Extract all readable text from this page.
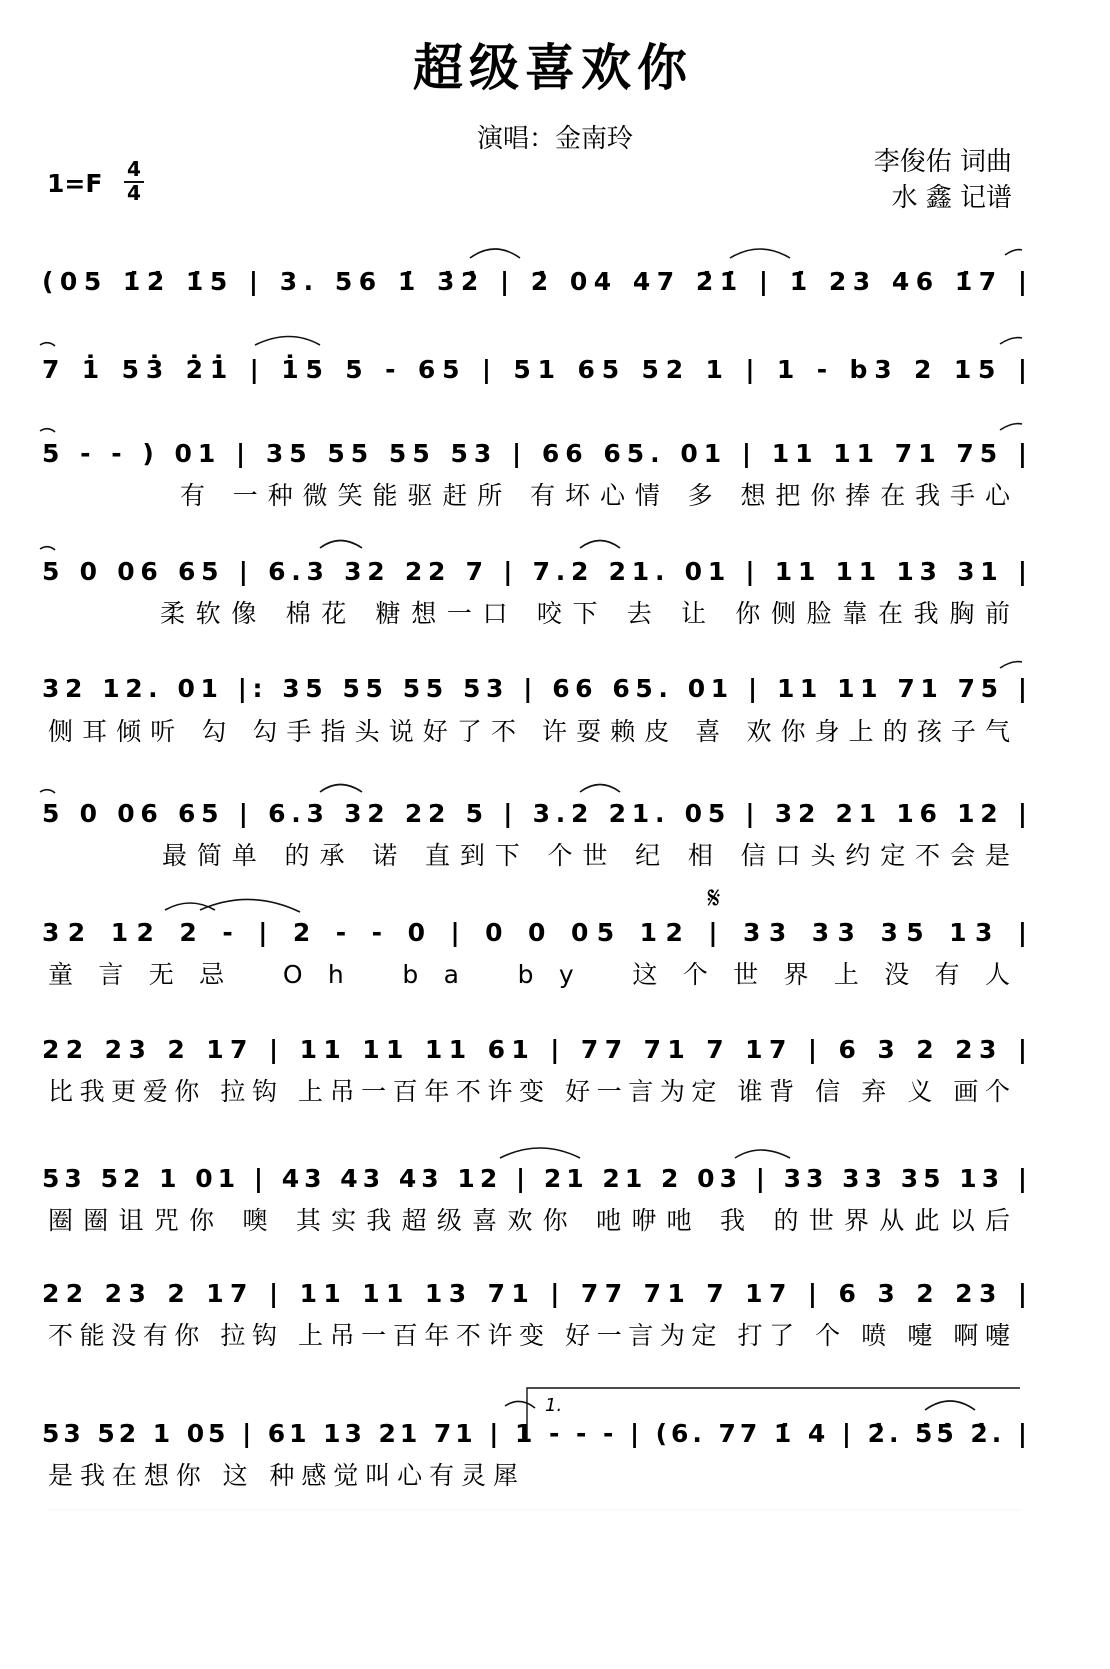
超级喜欢你
演唱：金南玲
李俊佑 词曲
水 鑫 记谱
1=F 4
4
𝄋
1.
(05 1̇2̇ 1̇5 | 3. 56 1̇ 3̇2̇ | 2̇ 04 47 2̇1̇ | 1̇ 23 46 1̇7 |
7 1̇ 53̇ 2̇1̇ | 1̇5 5 - 65 | 51 65 52 1 | 1 - b3 2 15 |
5 - - ) 01 | 35 55 55 53 | 66 65. 01 | 11 11 71 75 |
有 一种微笑能驱赶所 有坏心情 多 想把你捧在我手心
5 0 06 65 | 6.3 32 22 7 | 7.2 21. 01 | 11 11 13 31 |
柔软像 棉花 糖想一口 咬下 去 让 你侧脸靠在我胸前
32 12. 01 |: 35 55 55 53 | 66 65. 01 | 11 11 71 75 |
侧耳倾听 勾 勾手指头说好了不 许耍赖皮 喜 欢你身上的孩子气
5 0 06 65 | 6.3 32 22 5 | 3.2 21. 05 | 32 21 16 12 |
最简单 的承 诺 直到下 个世 纪 相 信口头约定不会是
32 12 2 - | 2 - - 0 | 0 0 05 12 | 33 33 35 13 |
童言无忌 Oh ba by 这个世界上没有人
22 23 2 17 | 11 11 11 61 | 77 71 7 17 | 6 3 2 23 |
比我更爱你 拉钩 上吊一百年不许变 好一言为定 谁背 信 弃 义 画个
53 52 1 01 | 43 43 43 12 | 21 21 2 03 | 33 33 35 13 |
圈圈诅咒你 噢 其实我超级喜欢你 吔咿吔 我 的世界从此以后
22 23 2 17 | 11 11 13 71 | 77 71 7 17 | 6 3 2 23 |
不能没有你 拉钩 上吊一百年不许变 好一言为定 打了 个 喷 嚏 啊嚏
53 52 1 05 | 61 13 21 71 | 1 - - - | (6. 77 1̇ 4 | 2̇. 5̇5̇ 2̇. |
是我在想你 这 种感觉叫心有灵犀
